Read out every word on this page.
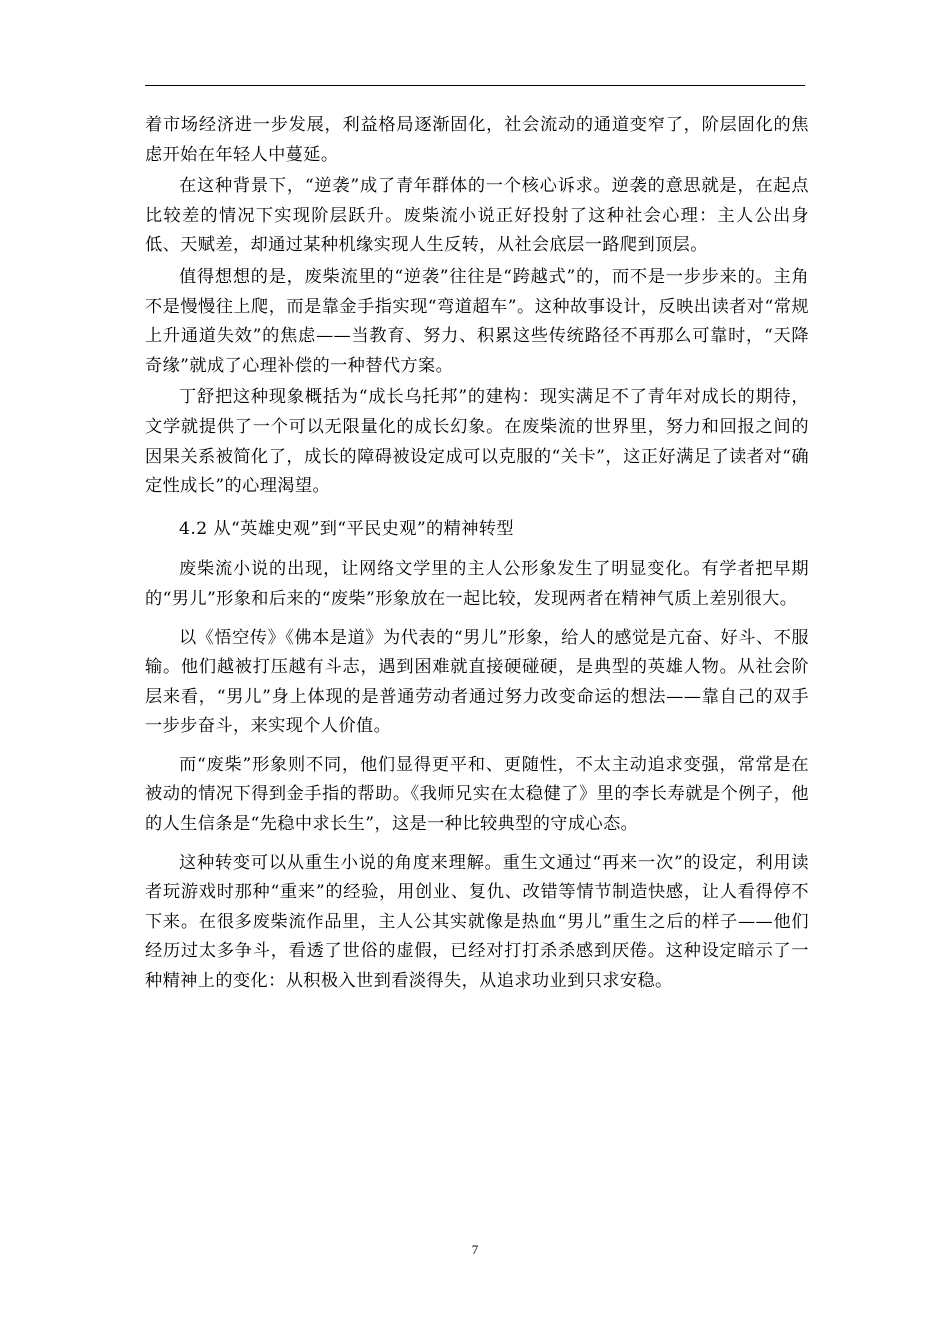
着市场经济进一步发展，利益格局逐渐固化，社会流动的通道变窄了，阶层固化的焦虑开始在年轻人中蔓延。

在这种背景下，“逆袭”成了青年群体的一个核心诉求。逆袭的意思就是，在起点比较差的情况下实现阶层跃升。废柴流小说正好投射了这种社会心理：主人公出身低、天赋差，却通过某种机缘实现人生反转，从社会底层一路爬到顶层。

值得想想的是，废柴流里的“逆袭”往往是“跨越式”的，而不是一步步来的。主角不是慢慢往上爬，而是靠金手指实现“弯道超车”。这种故事设计，反映出读者对“常规上升通道失效”的焦虑——当教育、努力、积累这些传统路径不再那么可靠时，“天降奇缘”就成了心理补偿的一种替代方案。

丁舒把这种现象概括为“成长乌托邦”的建构：现实满足不了青年对成长的期待，文学就提供了一个可以无限量化的成长幻象。在废柴流的世界里，努力和回报之间的因果关系被简化了，成长的障碍被设定成可以克服的“关卡”，这正好满足了读者对“确定性成长”的心理渴望。

4.2 从“英雄史观”到“平民史观”的精神转型

废柴流小说的出现，让网络文学里的主人公形象发生了明显变化。有学者把早期的“男儿”形象和后来的“废柴”形象放在一起比较，发现两者在精神气质上差别很大。

以《悟空传》《佛本是道》为代表的“男儿”形象，给人的感觉是亢奋、好斗、不服输。他们越被打压越有斗志，遇到困难就直接硬碰硬，是典型的英雄人物。从社会阶层来看，“男儿”身上体现的是普通劳动者通过努力改变命运的想法——靠自己的双手一步步奋斗，来实现个人价值。

而“废柴”形象则不同，他们显得更平和、更随性，不太主动追求变强，常常是在被动的情况下得到金手指的帮助。《我师兄实在太稳健了》里的李长寿就是个例子，他的人生信条是“先稳中求长生”，这是一种比较典型的守成心态。

这种转变可以从重生小说的角度来理解。重生文通过“再来一次”的设定，利用读者玩游戏时那种“重来”的经验，用创业、复仇、改错等情节制造快感，让人看得停不下来。在很多废柴流作品里，主人公其实就像是热血“男儿”重生之后的样子——他们经历过太多争斗，看透了世俗的虚假，已经对打打杀杀感到厌倦。这种设定暗示了一种精神上的变化：从积极入世到看淡得失，从追求功业到只求安稳。

7
